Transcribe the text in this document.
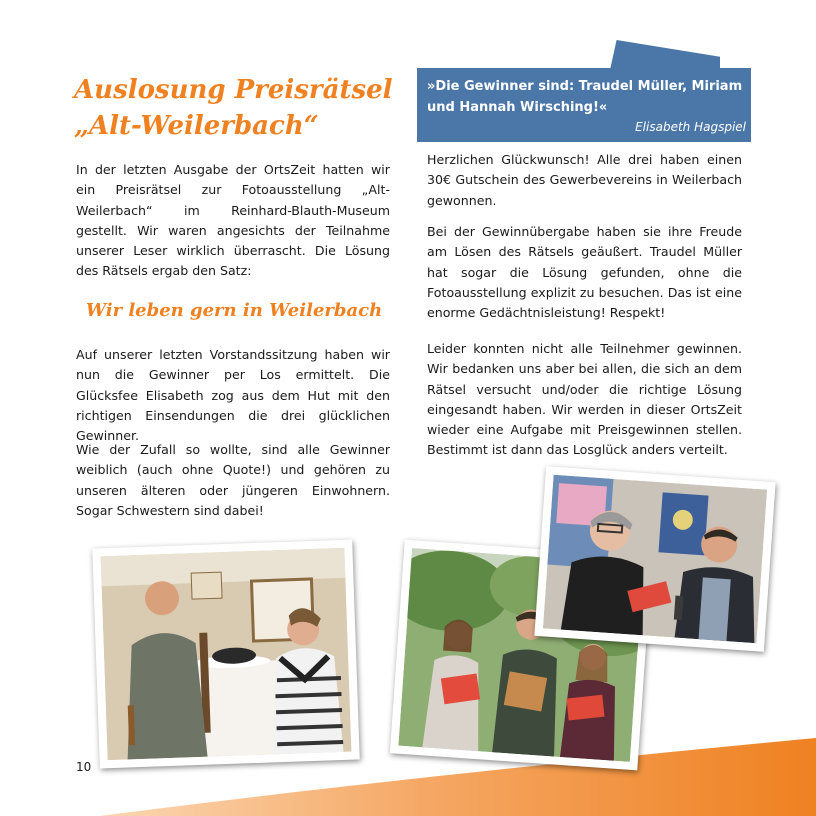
Auslosung Preisrätsel
„Alt-Weilerbach“

In der letzten Ausgabe der OrtsZeit hatten wir ein Preisrätsel zur Fotoausstellung „Alt-Weilerbach“ im Reinhard-Blauth-Museum gestellt. Wir waren angesichts der Teilnahme unserer Leser wirklich überrascht. Die Lösung des Rätsels ergab den Satz:

Wir leben gern in Weilerbach

Auf unserer letzten Vorstandssitzung haben wir nun die Gewinner per Los ermittelt. Die Glücksfee Elisabeth zog aus dem Hut mit den richtigen Einsendungen die drei glücklichen Gewinner.

Wie der Zufall so wollte, sind alle Gewinner weiblich (auch ohne Quote!) und gehören zu unseren älteren oder jüngeren Einwohnern. Sogar Schwestern sind dabei!

»Die Gewinner sind: Traudel Müller, Miriam und Hannah Wirsching!«
Elisabeth Hagspiel

Herzlichen Glückwunsch! Alle drei haben einen 30€ Gutschein des Gewerbevereins in Weilerbach gewonnen.

Bei der Gewinnübergabe haben sie ihre Freude am Lösen des Rätsels geäußert. Traudel Müller hat sogar die Lösung gefunden, ohne die Fotoausstellung explizit zu besuchen. Das ist eine enorme Gedächtnisleistung! Respekt!

Leider konnten nicht alle Teilnehmer gewinnen. Wir bedanken uns aber bei allen, die sich an dem Rätsel versucht und/oder die richtige Lösung eingesandt haben. Wir werden in dieser OrtsZeit wieder eine Aufgabe mit Preisgewinnen stellen. Bestimmt ist dann das Losglück anders verteilt.

10
